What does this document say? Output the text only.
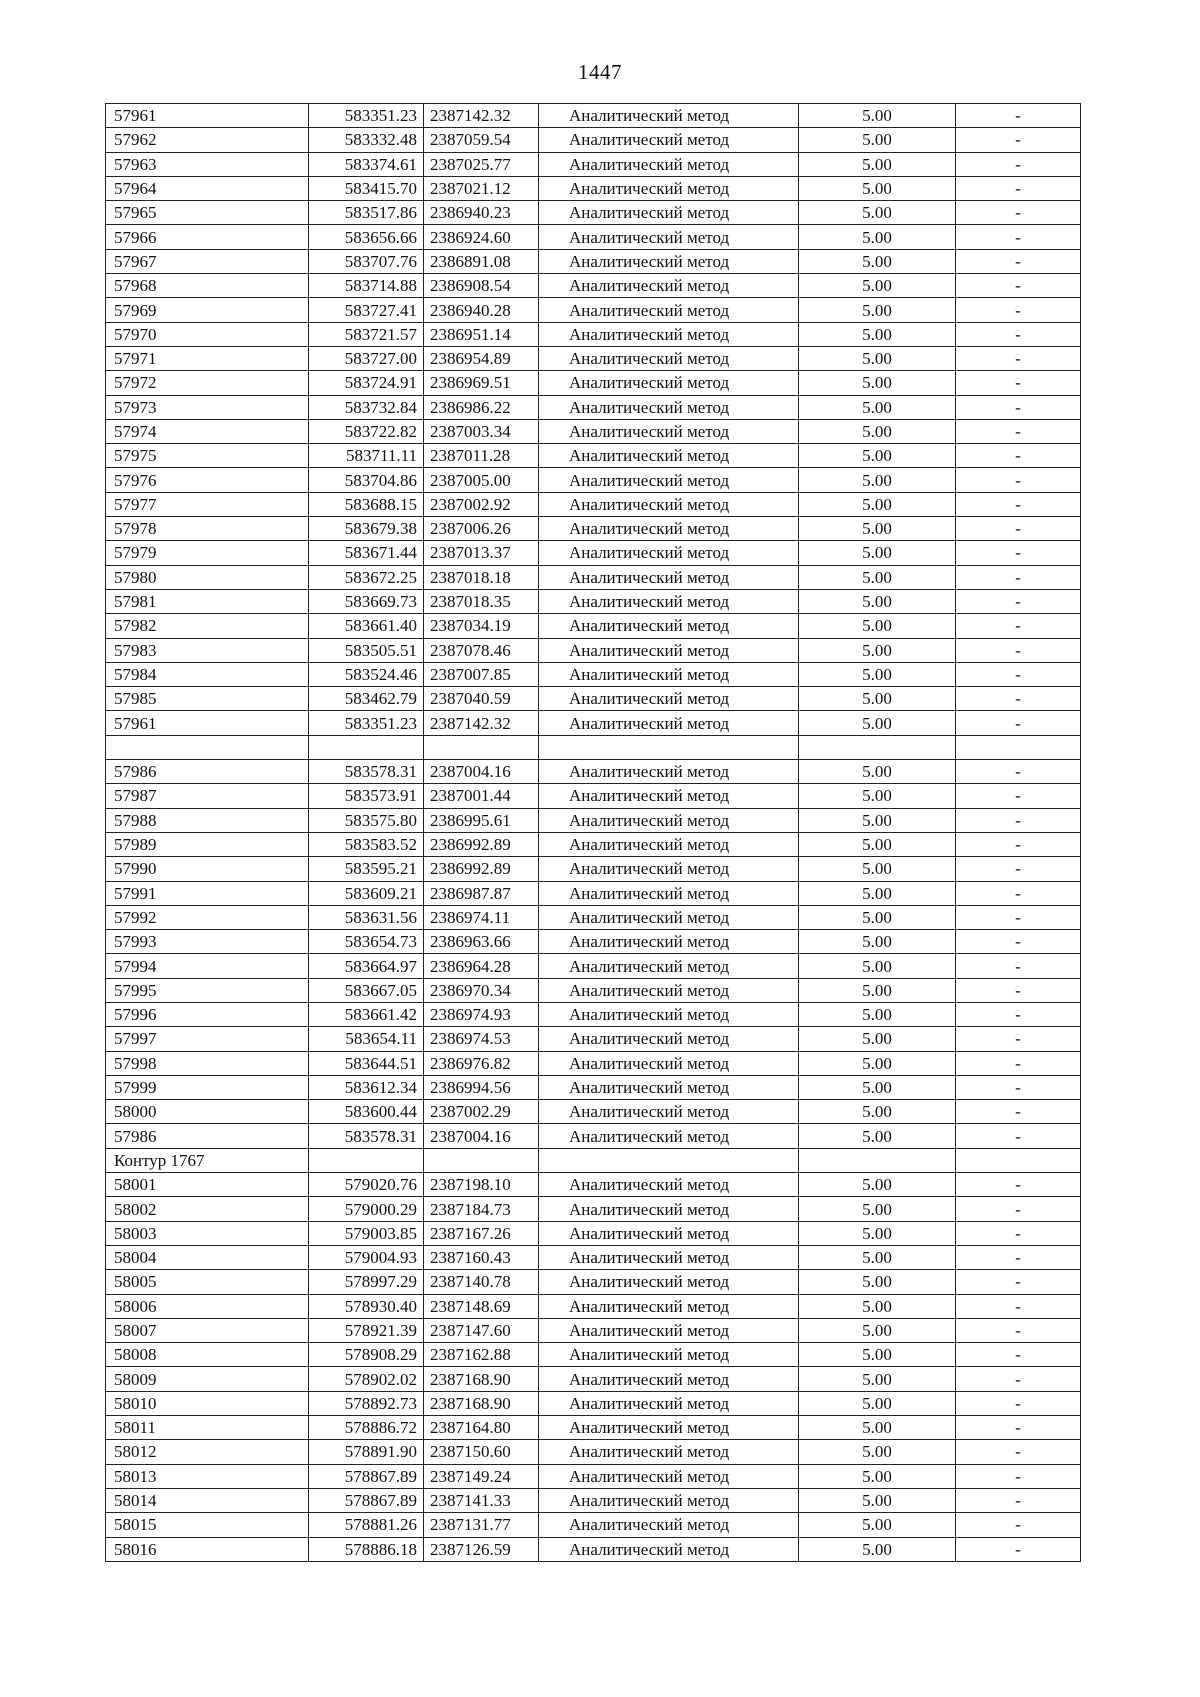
1447
57961	583351.23	2387142.32	Аналитический метод	5.00	-
57962	583332.48	2387059.54	Аналитический метод	5.00	-
57963	583374.61	2387025.77	Аналитический метод	5.00	-
57964	583415.70	2387021.12	Аналитический метод	5.00	-
57965	583517.86	2386940.23	Аналитический метод	5.00	-
57966	583656.66	2386924.60	Аналитический метод	5.00	-
57967	583707.76	2386891.08	Аналитический метод	5.00	-
57968	583714.88	2386908.54	Аналитический метод	5.00	-
57969	583727.41	2386940.28	Аналитический метод	5.00	-
57970	583721.57	2386951.14	Аналитический метод	5.00	-
57971	583727.00	2386954.89	Аналитический метод	5.00	-
57972	583724.91	2386969.51	Аналитический метод	5.00	-
57973	583732.84	2386986.22	Аналитический метод	5.00	-
57974	583722.82	2387003.34	Аналитический метод	5.00	-
57975	583711.11	2387011.28	Аналитический метод	5.00	-
57976	583704.86	2387005.00	Аналитический метод	5.00	-
57977	583688.15	2387002.92	Аналитический метод	5.00	-
57978	583679.38	2387006.26	Аналитический метод	5.00	-
57979	583671.44	2387013.37	Аналитический метод	5.00	-
57980	583672.25	2387018.18	Аналитический метод	5.00	-
57981	583669.73	2387018.35	Аналитический метод	5.00	-
57982	583661.40	2387034.19	Аналитический метод	5.00	-
57983	583505.51	2387078.46	Аналитический метод	5.00	-
57984	583524.46	2387007.85	Аналитический метод	5.00	-
57985	583462.79	2387040.59	Аналитический метод	5.00	-
57961	583351.23	2387142.32	Аналитический метод	5.00	-

57986	583578.31	2387004.16	Аналитический метод	5.00	-
57987	583573.91	2387001.44	Аналитический метод	5.00	-
57988	583575.80	2386995.61	Аналитический метод	5.00	-
57989	583583.52	2386992.89	Аналитический метод	5.00	-
57990	583595.21	2386992.89	Аналитический метод	5.00	-
57991	583609.21	2386987.87	Аналитический метод	5.00	-
57992	583631.56	2386974.11	Аналитический метод	5.00	-
57993	583654.73	2386963.66	Аналитический метод	5.00	-
57994	583664.97	2386964.28	Аналитический метод	5.00	-
57995	583667.05	2386970.34	Аналитический метод	5.00	-
57996	583661.42	2386974.93	Аналитический метод	5.00	-
57997	583654.11	2386974.53	Аналитический метод	5.00	-
57998	583644.51	2386976.82	Аналитический метод	5.00	-
57999	583612.34	2386994.56	Аналитический метод	5.00	-
58000	583600.44	2387002.29	Аналитический метод	5.00	-
57986	583578.31	2387004.16	Аналитический метод	5.00	-
Контур 1767					
58001	579020.76	2387198.10	Аналитический метод	5.00	-
58002	579000.29	2387184.73	Аналитический метод	5.00	-
58003	579003.85	2387167.26	Аналитический метод	5.00	-
58004	579004.93	2387160.43	Аналитический метод	5.00	-
58005	578997.29	2387140.78	Аналитический метод	5.00	-
58006	578930.40	2387148.69	Аналитический метод	5.00	-
58007	578921.39	2387147.60	Аналитический метод	5.00	-
58008	578908.29	2387162.88	Аналитический метод	5.00	-
58009	578902.02	2387168.90	Аналитический метод	5.00	-
58010	578892.73	2387168.90	Аналитический метод	5.00	-
58011	578886.72	2387164.80	Аналитический метод	5.00	-
58012	578891.90	2387150.60	Аналитический метод	5.00	-
58013	578867.89	2387149.24	Аналитический метод	5.00	-
58014	578867.89	2387141.33	Аналитический метод	5.00	-
58015	578881.26	2387131.77	Аналитический метод	5.00	-
58016	578886.18	2387126.59	Аналитический метод	5.00	-
